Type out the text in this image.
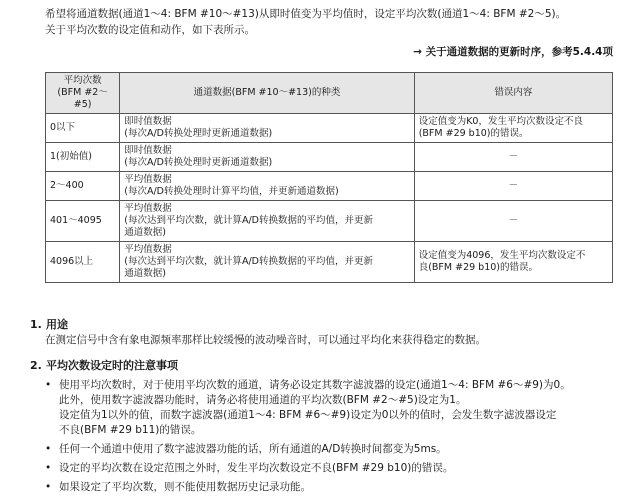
希望将通道数据(通道1～4: BFM #10～#13)从即时值变为平均值时，设定平均次数(通道1～4: BFM #2～5)。

关于平均次数的设定值和动作，如下表所示。

→ 关于通道数据的更新时序，参考5.4.4项
平均次数
(BFM #2～#5)	通道数据(BFM #10～#13)的种类	错误内容
0以下	即时值数据
(每次A/D转换处理时更新通道数据)	设定值变为K0，发生平均次数设定不良
(BFM #29 b10)的错误。
1(初始值)	即时值数据
(每次A/D转换处理时更新通道数据)	－
2～400	平均值数据
(每次A/D转换处理时计算平均值，并更新通道数据)	－
401～4095	平均值数据
(每次达到平均次数，就计算A/D转换数据的平均值，并更新
通道数据)	－
4096以上	平均值数据
(每次达到平均次数，就计算A/D转换数据的平均值，并更新
通道数据)	设定值变为4096，发生平均次数设定不
良(BFM #29 b10)的错误。
1. 用途
在测定信号中含有象电源频率那样比较缓慢的波动噪音时，可以通过平均化来获得稳定的数据。
2. 平均次数设定时的注意事项
• 使用平均次数时，对于使用平均次数的通道，请务必设定其数字滤波器的设定(通道1～4: BFM #6～#9)为0。
此外，使用数字滤波器功能时，请务必将使用通道的平均次数(BFM #2～#5)设定为1。
设定值为1以外的值，而数字滤波器(通道1～4: BFM #6～#9)设定为0以外的值时，会发生数字滤波器设定
不良(BFM #29 b11)的错误。
• 任何一个通道中使用了数字滤波器功能的话，所有通道的A/D转换时间都变为5ms。
• 设定的平均次数在设定范围之外时，发生平均次数设定不良(BFM #29 b10)的错误。
• 如果设定了平均次数，则不能使用数据历史记录功能。
